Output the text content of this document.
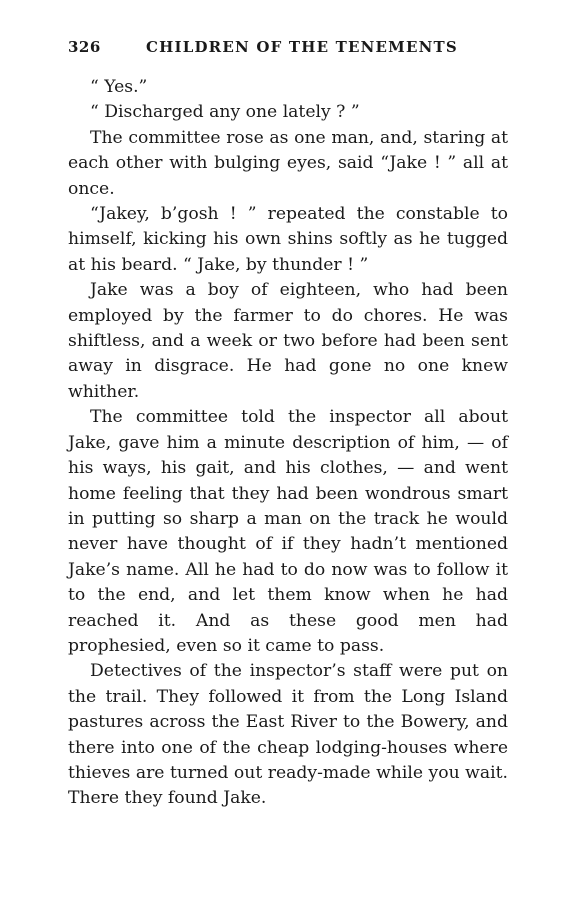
326	CHILDREN OF THE TENEMENTS

“ Yes.”

“ Discharged any one lately ? ”

The committee rose as one man, and, staring at each other with bulging eyes, said “Jake ! ” all at once.

“Jakey, b’gosh ! ” repeated the constable to himself, kicking his own shins softly as he tugged at his beard. “ Jake, by thunder ! ”

Jake was a boy of eighteen, who had been employed by the farmer to do chores. He was shiftless, and a week or two before had been sent away in disgrace. He had gone no one knew whither.

The committee told the inspector all about Jake, gave him a minute description of him, — of his ways, his gait, and his clothes, — and went home feeling that they had been wondrous smart in putting so sharp a man on the track he would never have thought of if they hadn’t mentioned Jake’s name. All he had to do now was to follow it to the end, and let them know when he had reached it. And as these good men had prophesied, even so it came to pass.

Detectives of the inspector’s staff were put on the trail. They followed it from the Long Island pastures across the East River to the Bowery, and there into one of the cheap lodging-houses where thieves are turned out ready-made while you wait. There they found Jake.
